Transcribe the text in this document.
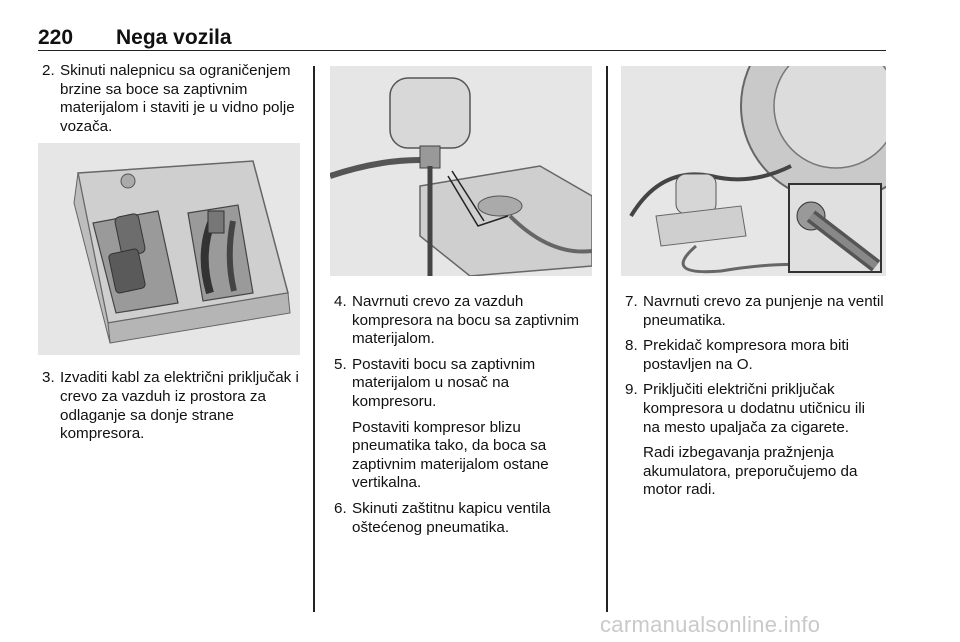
220 Nega vozila
2. Skinuti nalepnicu sa ograničenjem brzine sa boce sa zaptivnim materijalom i staviti je u vidno polje vozača.

3. Izvaditi kabl za električni priključak i crevo za vazduh iz prostora za odlaganje sa donje strane kompresora.

4. Navrnuti crevo za vazduh kompresora na bocu sa zaptivnim materijalom.

5. Postaviti bocu sa zaptivnim materijalom u nosač na kompresoru.

Postaviti kompresor blizu pneumatika tako, da boca sa zaptivnim materijalom ostane vertikalna.

6. Skinuti zaštitnu kapicu ventila oštećenog pneumatika.

7. Navrnuti crevo za punjenje na ventil pneumatika.

8. Prekidač kompresora mora biti postavljen na O.

9. Priključiti električni priključak kompresora u dodatnu utičnicu ili na mesto upaljača za cigarete.

Radi izbegavanja pražnjenja akumulatora, preporučujemo da motor radi.

carmanualsonline.info
